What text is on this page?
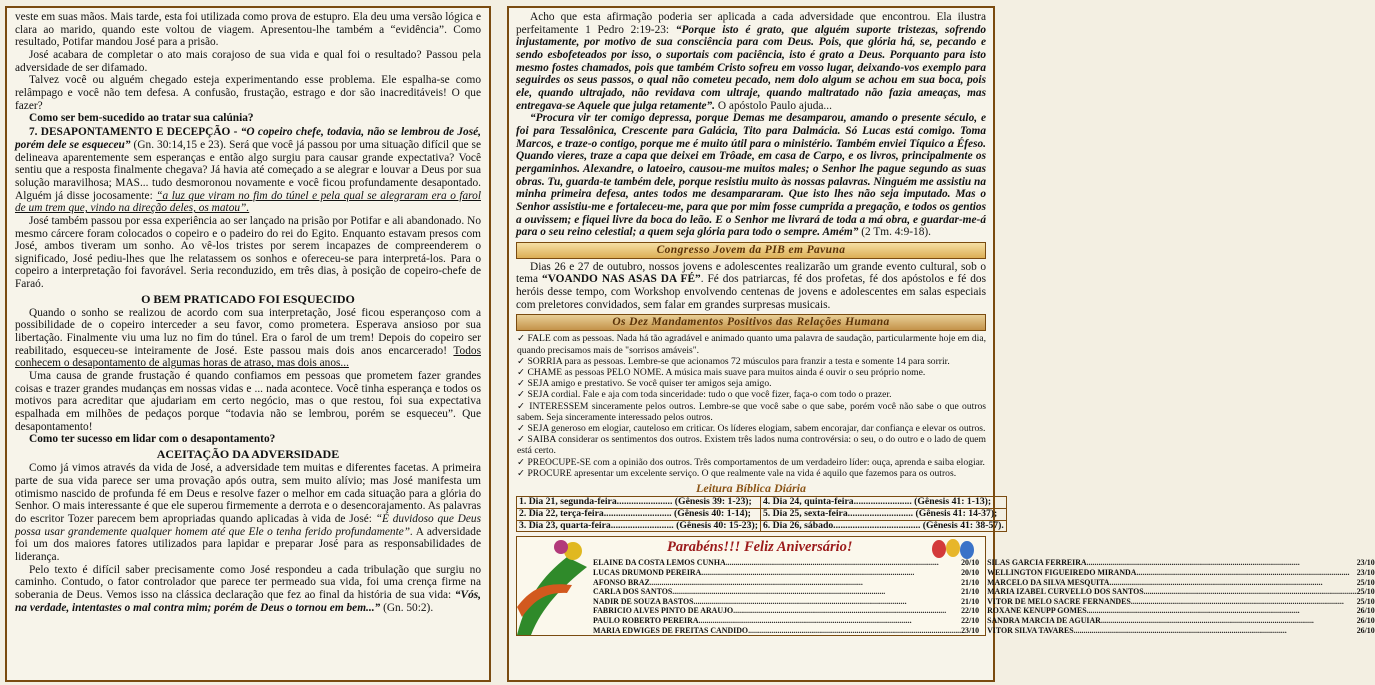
veste em suas mãos. Mais tarde, esta foi utilizada como prova de estupro. Ela deu uma versão lógica e clara ao marido, quando este voltou de viagem. Apresentou-lhe também a “evidência”. Como resultado, Potifar mandou José para a prisão.

José acabara de completar o ato mais corajoso de sua vida e qual foi o resultado? Passou pela adversidade de ser difamado.

Talvez você ou alguém chegado esteja experimentando esse problema. Ele espalha-se como relâmpago e você não tem defesa. A confusão, frustação, estrago e dor são inacreditáveis! O que fazer?

Como ser bem-sucedido ao tratar sua calúnia?

7. DESAPONTAMENTO E DECEPÇÃO - “O copeiro chefe, todavia, não se lembrou de José, porém dele se esqueceu” (Gn. 30:14,15 e 23). Será que você já passou por uma situação difícil que se delineava aparentemente sem esperanças e então algo surgiu para causar grande expectativa? Você sentiu que a resposta finalmente chegava? Já havia até começado a se alegrar e louvar a Deus por sua solução maravilhosa; MAS... tudo desmoronou novamente e você ficou profundamente desapontado. Alguém já disse jocosamente: “a luz que viram no fim do túnel e pela qual se alegraram era o farol de um trem que, vindo na direção deles, os matou”.

José também passou por essa experiência ao ser lançado na prisão por Potifar e ali abandonado. No mesmo cárcere foram colocados o copeiro e o padeiro do rei do Egito. Enquanto estavam presos com José, ambos tiveram um sonho. Ao vê-los tristes por serem incapazes de compreenderem o significado, José pediu-lhes que lhe relatassem os sonhos e ofereceu-se para interpretá-los. Para o copeiro a interpretação foi favorável. Seria reconduzido, em três dias, à posição de copeiro-chefe de Faraó.

O BEM PRATICADO FOI ESQUECIDO

Quando o sonho se realizou de acordo com sua interpretação, José ficou esperançoso com a possibilidade de o copeiro interceder a seu favor, como prometera. Esperava ansioso por sua libertação. Finalmente viu uma luz no fim do túnel. Era o farol de um trem! Depois do copeiro ser reabilitado, esqueceu-se inteiramente de José. Este passou mais dois anos encarcerado! Todos conhecem o desapontamento de algumas horas de atraso, mas dois anos...

Uma causa de grande frustação é quando confiamos em pessoas que prometem fazer grandes coisas e trazer grandes mudanças em nossas vidas e ... nada acontece. Você tinha esperança e todos os motivos para acreditar que ajudariam em certo negócio, mas o que restou, foi sua expectativa espalhada em milhões de pedaços porque “todavia não se lembrou, porém se esqueceu”. Que desapontamento!

Como ter sucesso em lidar com o desapontamento?

ACEITAÇÃO DA ADVERSIDADE

Como já vimos através da vida de José, a adversidade tem muitas e diferentes facetas. A primeira parte de sua vida parece ser uma provação após outra, sem muito alívio; mas José manifesta um otimismo nascido de profunda fé em Deus e resolve fazer o melhor em cada situação para a glória do Senhor. O mais interessante é que ele superou firmemente a derrota e o desencorajamento. As palavras do escritor Tozer parecem bem apropriadas quando aplicadas à vida de José: “É duvidoso que Deus possa usar grandemente qualquer homem até que Ele o tenha ferido profundamente”. A adversidade foi um dos maiores fatores utilizados para lapidar e preparar José para as responsabilidades de liderança.

Pelo texto é difícil saber precisamente como José respondeu a cada tribulação que surgiu no caminho. Contudo, o fator controlador que parece ter permeado sua vida, foi uma crença firme na soberania de Deus. Vemos isso na clássica declaração que fez ao final da história de sua vida: “Vós, na verdade, intentastes o mal contra mim; porém de Deus o tornou em bem...” (Gn. 50:2).

Acho que esta afirmação poderia ser aplicada a cada adversidade que encontrou. Ela ilustra perfeitamente 1 Pedro 2:19-23: “Porque isto é grato, que alguém suporte tristezas, sofrendo injustamente, por motivo de sua consciência para com Deus. Pois, que glória há, se, pecando e sendo esbofeteados por isso, o suportais com paciência, isto é grato a Deus. Porquanto para isto mesmo fostes chamados, pois que também Cristo sofreu em vosso lugar, deixando-vos exemplo para seguirdes os seus passos, o qual não cometeu pecado, nem dolo algum se achou em sua boca, pois ele, quando ultrajado, não revidava com ultraje, quando maltratado não fazia ameaças, mas entregava-se Aquele que julga retamente”. O apóstolo Paulo ajuda...

“Procura vir ter comigo depressa, porque Demas me desamparou, amando o presente século, e foi para Tessalônica, Crescente para Galácia, Tito para Dalmácia. Só Lucas está comigo. Toma Marcos, e traze-o contigo, porque me é muito útil para o ministério. Também enviei Tíquico a Éfeso. Quando vieres, traze a capa que deixei em Trôade, em casa de Carpo, e os livros, principalmente os pergaminhos. Alexandre, o latoeiro, causou-me muitos males; o Senhor lhe pague segundo as suas obras. Tu, guarda-te também dele, porque resistiu muito às nossas palavras. Ninguém me assistiu na minha primeira defesa, antes todos me desampararam. Que isto lhes não seja imputado. Mas o Senhor assistiu-me e fortaleceu-me, para que por mim fosse cumprida a pregação, e todos os gentios a ouvissem; e fiquei livre da boca do leão. E o Senhor me livrará de toda a má obra, e guardar-me-á para o seu reino celestial; a quem seja glória para todo o sempre. Amém” (2 Tm. 4:9-18).

Congresso Jovem da PIB em Pavuna

Dias 26 e 27 de outubro, nossos jovens e adolescentes realizarão um grande evento cultural, sob o tema “VOANDO NAS ASAS DA FÉ”. Fé dos patriarcas, fé dos profetas, fé dos apóstolos e fé dos heróis desse tempo, com Workshop envolvendo centenas de jovens e adolescentes em salas especiais com preletores convidados, sem falar em grandes surpresas musicais.

Os Dez Mandamentos Positivos das Relações Humana

✓ FALE com as pessoas. Nada há tão agradável e animado quanto uma palavra de saudação, particularmente hoje em dia, quando precisamos mais de "sorrisos amáveis".

✓ SORRIA para as pessoas. Lembre-se que acionamos 72 músculos para franzir a testa e somente 14 para sorrir.

✓ CHAME as pessoas PELO NOME. A música mais suave para muitos ainda é ouvir o seu próprio nome.

✓ SEJA amigo e prestativo. Se você quiser ter amigos seja amigo.

✓ SEJA cordial. Fale e aja com toda sinceridade: tudo o que você fizer, faça-o com todo o prazer.

✓ INTERESSEM sinceramente pelos outros. Lembre-se que você sabe o que sabe, porém você não sabe o que outros sabem. Seja sinceramente interessado pelos outros.

✓ SEJA generoso em elogiar, cauteloso em criticar. Os líderes elogiam, sabem encorajar, dar confiança e elevar os outros.

✓ SAIBA considerar os sentimentos dos outros. Existem três lados numa controvérsia: o seu, o do outro e o lado de quem está certo.

✓ PREOCUPE-SE com a opinião dos outros. Três comportamentos de um verdadeiro líder: ouça, aprenda e saiba elogiar.

✓ PROCURE apresentar um excelente serviço. O que realmente vale na vida é aquilo que fazemos para os outros.

Leitura Bíblica Diária
1. Dia 21, segunda-feira....................... (Gênesis 39: 1-23);	4. Dia 24, quinta-feira........................ (Gênesis 41: 1-13);
2. Dia 22, terça-feira............................ (Gênesis 40: 1-14);	5. Dia 25, sexta-feira........................... (Gênesis 41: 14-37);
3. Dia 23, quarta-feira.......................... (Gênesis 40: 15-23);	6. Dia 26, sábado.................................... (Gênesis 41: 38-57).
Parabéns!!! Feliz Aniversário!
ELAINE DA COSTA LEMOS CUNHA .....	20/10
LUCAS DRUMOND PEREIRA .....	20/10
AFONSO BRAZ .....	21/10
CARLA DOS SANTOS .....	21/10
NADIR DE SOUZA BASTOS .....	21/10
FABRICIO ALVES PINTO DE ARAUJO .....	22/10
PAULO ROBERTO PEREIRA .....	22/10
MARIA EDWIGES DE FREITAS CANDIDO .....	23/10
SILAS GARCIA FERREIRA .....	23/10
WELLINGTON FIGUEIREDO MIRANDA .....	23/10
MARCELO DA SILVA MESQUITA .....	25/10
MARIA IZABEL CURVELLO DOS SANTOS .....	25/10
VITOR DE MELO SACRE FERNANDES .....	25/10
ROXANE KENUPP GOMES .....	26/10
SANDRA MARCIA DE AGUIAR .....	26/10
VITOR SILVA TAVARES .....	26/10
